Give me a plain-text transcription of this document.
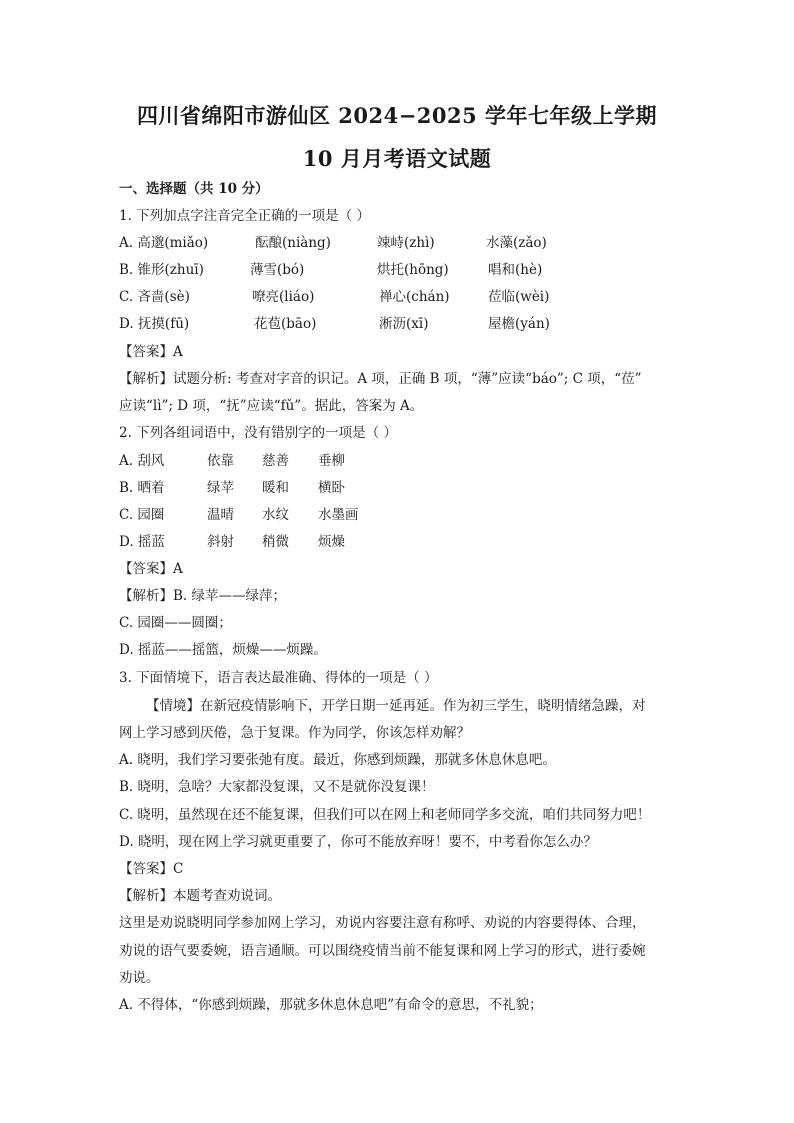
四川省绵阳市游仙区 2024−2025 学年七年级上学期
10 月月考语文试题
一、选择题（共 10 分）
1. 下列加点字注音完全正确的一项是（ ）
A. 高邈(miǎo)	酝酿(niàng)	竦峙(zhì)	水藻(zǎo)
B. 锥形(zhuī)	薄雪(bó)	烘托(hōng)	唱和(hè)
C. 吝啬(sè)	嘹亮(liáo)	禅心(chán)	莅临(wèi)
D. 抚摸(fū)	花苞(bāo)	淅沥(xī)	屋檐(yán)
【答案】A
【解析】试题分析: 考查对字音的识记。A 项，正确 B 项，“薄”应读“báo”; C 项，“莅”
应读“lì”; D 项，“抚”应读“fǔ”。据此，答案为 A。
2. 下列各组词语中，没有错别字的一项是（ ）
A. 刮风	依靠 慈善 垂柳
B. 晒着	绿苹 暖和 横卧
C. 园圈	温晴 水纹 水墨画
D. 摇蓝	斜射 稍微 烦燥
【答案】A
【解析】B. 绿苹——绿萍；
C. 园圈——圆圈；
D. 摇蓝——摇篮，烦燥——烦躁。
3. 下面情境下，语言表达最准确、得体的一项是（ ）
【情境】在新冠疫情影响下，开学日期一延再延。作为初三学生，晓明情绪急躁，对
网上学习感到厌倦，急于复课。作为同学，你该怎样劝解？
A. 晓明，我们学习要张弛有度。最近，你感到烦躁，那就多休息休息吧。
B. 晓明，急啥？大家都没复课，又不是就你没复课！
C. 晓明，虽然现在还不能复课，但我们可以在网上和老师同学多交流，咱们共同努力吧！
D. 晓明，现在网上学习就更重要了，你可不能放弃呀！要不，中考看你怎么办？
【答案】C
【解析】本题考查劝说词。
这里是劝说晓明同学参加网上学习，劝说内容要注意有称呼、劝说的内容要得体、合理，
劝说的语气要委婉，语言通顺。可以围绕疫情当前不能复课和网上学习的形式，进行委婉
劝说。
A. 不得体，“你感到烦躁，那就多休息休息吧”有命令的意思，不礼貌；
